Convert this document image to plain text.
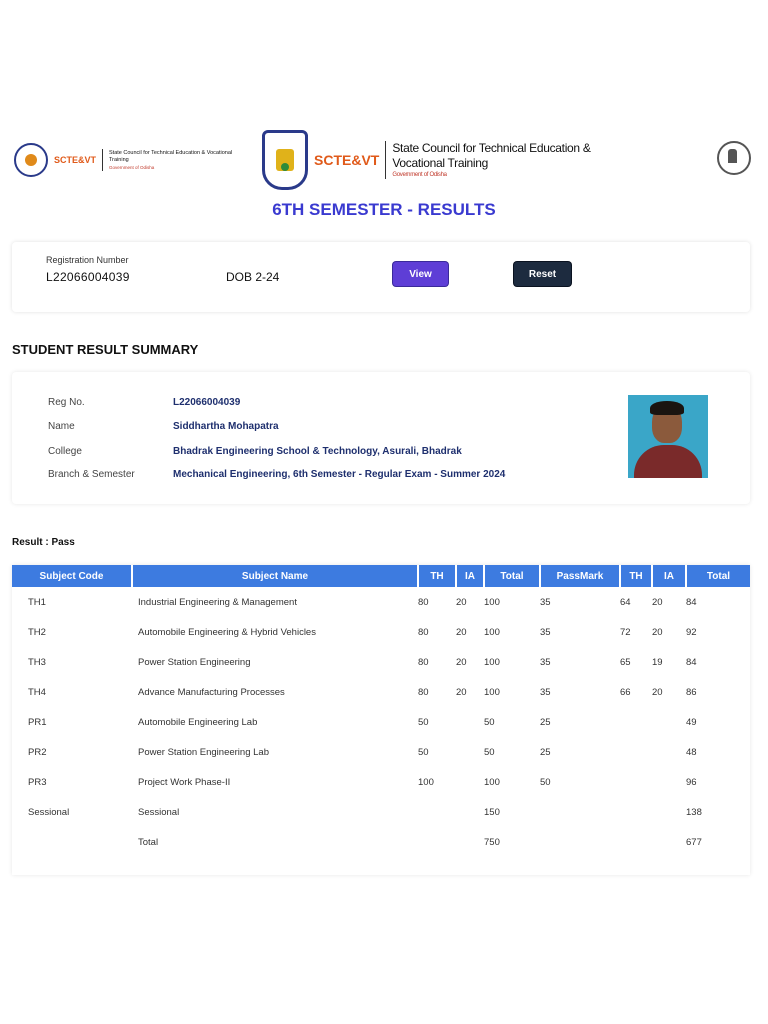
SCTE&VT
State Council for Technical Education & Vocational Training
Government of Odisha	SCTE&VT
State Council for Technical Education &
Vocational Training
Government of Odisha
6TH SEMESTER - RESULTS
Registration Number
L22066004039	DOB 2-24	View	Reset
STUDENT RESULT SUMMARY
Reg No.	L22066004039
Name	Siddhartha Mohapatra
College	Bhadrak Engineering School & Technology, Asurali, Bhadrak
Branch & Semester	Mechanical Engineering, 6th Semester - Regular Exam - Summer 2024
Result : Pass
Subject Code	Subject Name	TH	IA	Total	PassMark	TH	IA	Total
TH1	Industrial Engineering & Management	80	20	100	35	64	20	84
TH2	Automobile Engineering & Hybrid Vehicles	80	20	100	35	72	20	92
TH3	Power Station Engineering	80	20	100	35	65	19	84
TH4	Advance Manufacturing Processes	80	20	100	35	66	20	86
PR1	Automobile Engineering Lab	50		50	25			49
PR2	Power Station Engineering Lab	50		50	25			48
PR3	Project Work Phase-II	100		100	50			96
Sessional	Sessional			150				138
	Total			750				677
